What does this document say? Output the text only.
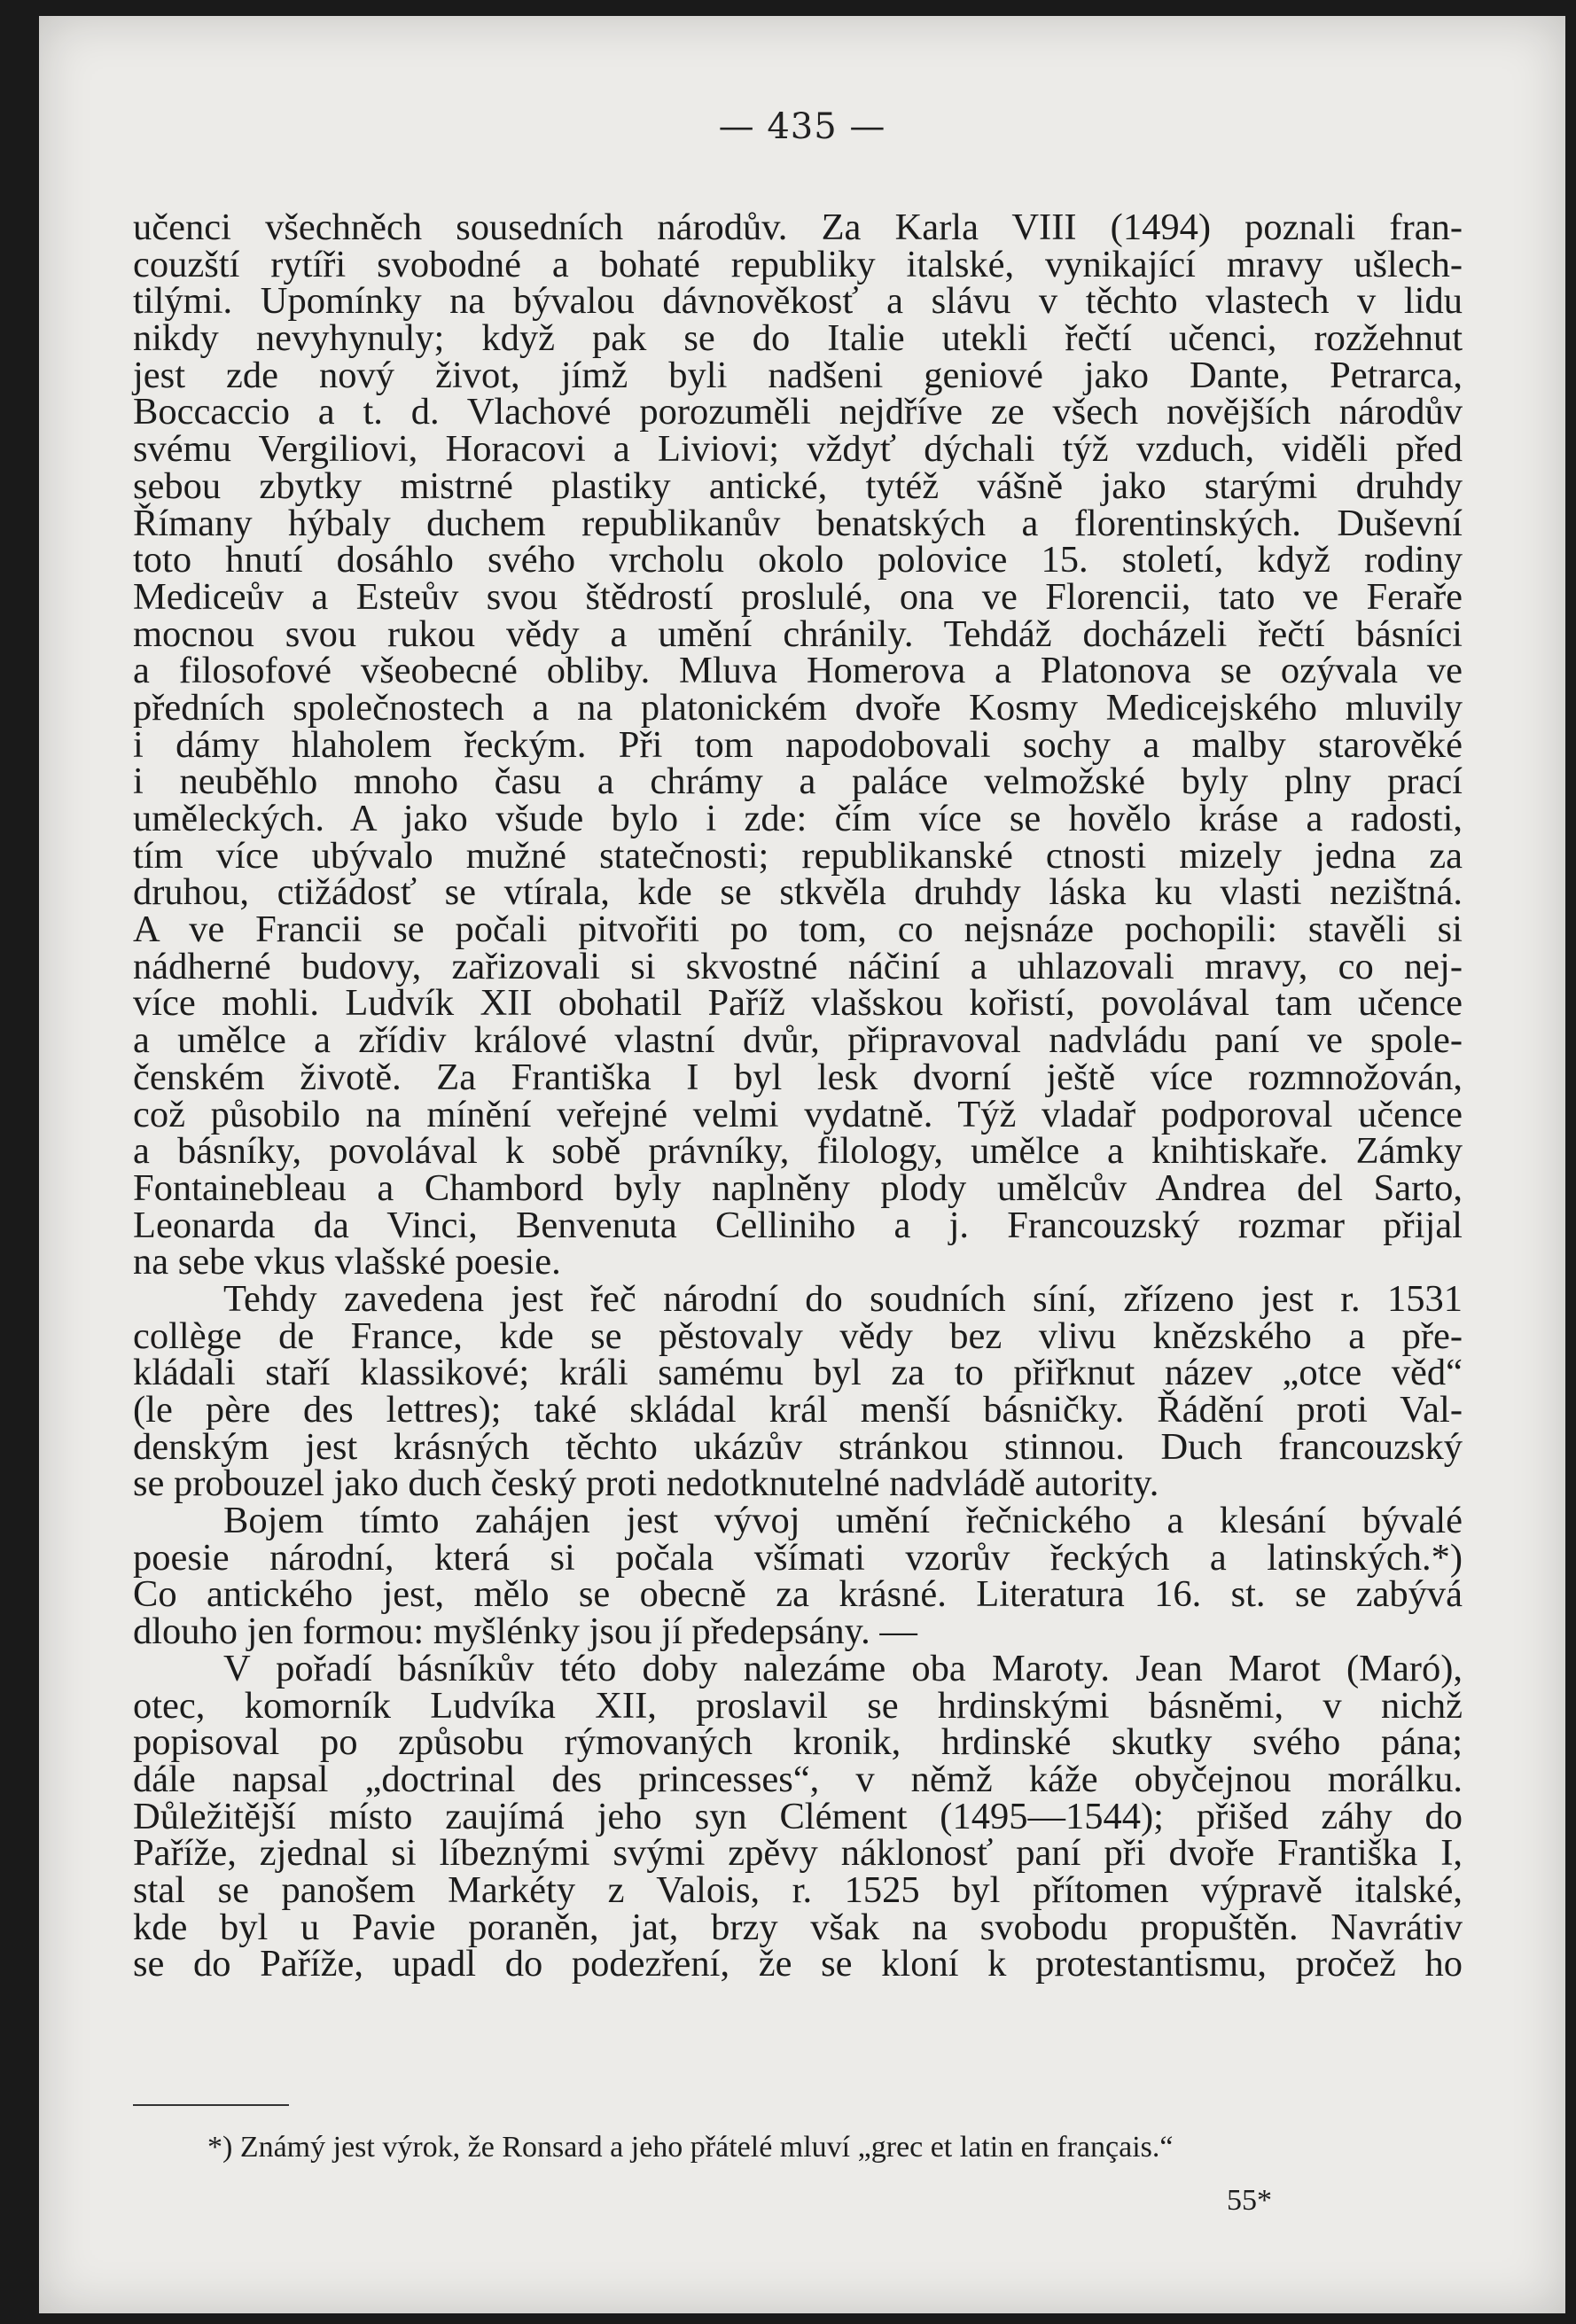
— 435 —
učenci všechněch sousedních národův. Za Karla VIII (1494) poznali fran-
couzští rytíři svobodné a bohaté republiky italské, vynikající mravy ušlech-
tilými. Upomínky na bývalou dávnověkosť a slávu v těchto vlastech v lidu
nikdy nevyhynuly; když pak se do Italie utekli řečtí učenci, rozžehnut
jest zde nový život, jímž byli nadšeni geniové jako Dante, Petrarca,
Boccaccio a t. d. Vlachové porozuměli nejdříve ze všech novějších národův
svému Vergiliovi, Horacovi a Liviovi; vždyť dýchali týž vzduch, viděli před
sebou zbytky mistrné plastiky antické, tytéž vášně jako starými druhdy
Římany hýbaly duchem republikanův benatských a florentinských. Duševní
toto hnutí dosáhlo svého vrcholu okolo polovice 15. století, když rodiny
Mediceův a Esteův svou štědrostí proslulé, ona ve Florencii, tato ve Feraře
mocnou svou rukou vědy a umění chránily. Tehdáž docházeli řečtí básníci
a filosofové všeobecné obliby. Mluva Homerova a Platonova se ozývala ve
předních společnostech a na platonickém dvoře Kosmy Medicejského mluvily
i dámy hlaholem řeckým. Při tom napodobovali sochy a malby starověké
i neuběhlo mnoho času a chrámy a paláce velmožské byly plny prací
uměleckých. A jako všude bylo i zde: čím více se hovělo kráse a radosti,
tím více ubývalo mužné statečnosti; republikanské ctnosti mizely jedna za
druhou, ctižádosť se vtírala, kde se stkvěla druhdy láska ku vlasti nezištná.
A ve Francii se počali pitvořiti po tom, co nejsnáze pochopili: stavěli si
nádherné budovy, zařizovali si skvostné náčiní a uhlazovali mravy, co nej-
více mohli. Ludvík XII obohatil Paříž vlašskou kořistí, povolával tam učence
a umělce a zřídiv králové vlastní dvůr, připravoval nadvládu paní ve spole-
čenském životě. Za Františka I byl lesk dvorní ještě více rozmnožován,
což působilo na mínění veřejné velmi vydatně. Týž vladař podporoval učence
a básníky, povolával k sobě právníky, filology, umělce a knihtiskaře. Zámky
Fontainebleau a Chambord byly naplněny plody umělcův Andrea del Sarto,
Leonarda da Vinci, Benvenuta Celliniho a j. Francouzský rozmar přijal
na sebe vkus vlašské poesie.
Tehdy zavedena jest řeč národní do soudních síní, zřízeno jest r. 1531
collège de France, kde se pěstovaly vědy bez vlivu knězského a pře-
kládali staří klassikové; králi samému byl za to přiřknut název „otce věd“
(le père des lettres); také skládal král menší básničky. Řádění proti Val-
denským jest krásných těchto ukázův stránkou stinnou. Duch francouzský
se probouzel jako duch český proti nedotknutelné nadvládě autority.
Bojem tímto zahájen jest vývoj umění řečnického a klesání bývalé
poesie národní, která si počala všímati vzorův řeckých a latinských.*)
Co antického jest, mělo se obecně za krásné. Literatura 16. st. se zabývá
dlouho jen formou: myšlénky jsou jí předepsány. —
V pořadí básníkův této doby nalezáme oba Maroty. Jean Marot (Maró),
otec, komorník Ludvíka XII, proslavil se hrdinskými básněmi, v nichž
popisoval po způsobu rýmovaných kronik, hrdinské skutky svého pána;
dále napsal „doctrinal des princesses“, v němž káže obyčejnou morálku.
Důležitější místo zaujímá jeho syn Clément (1495—1544); přišed záhy do
Paříže, zjednal si líbeznými svými zpěvy náklonosť paní při dvoře Františka I,
stal se panošem Markéty z Valois, r. 1525 byl přítomen výpravě italské,
kde byl u Pavie poraněn, jat, brzy však na svobodu propuštěn. Navrátiv
se do Paříže, upadl do podezření, že se kloní k protestantismu, pročež ho
*) Známý jest výrok, že Ronsard a jeho přátelé mluví „grec et latin en français.“
55*
